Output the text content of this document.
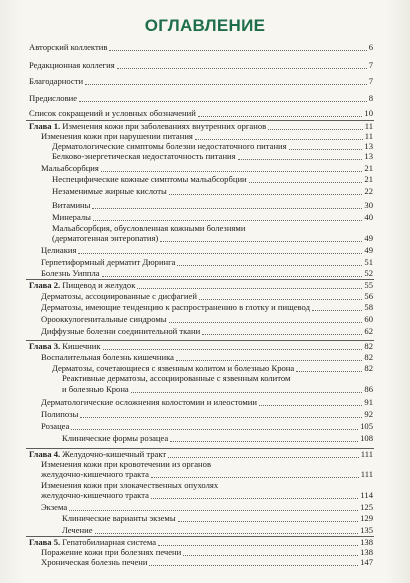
ОГЛАВЛЕНИЕ
Авторский коллектив	6
Редакционная коллегия	7
Благодарности	7
Предисловие	8
Список сокращений и условных обозначений	10
Глава 1. Изменения кожи при заболеваниях внутренних органов	11
Изменения кожи при нарушении питания	11
Дерматологические симптомы болезни недостаточного питания	13
Белково-энергетическая недостаточность питания	13
Мальабсорбция	21
Неспецифические кожные симптомы мальабсорбции	21
Незаменимые жирные кислоты	22
Витамины	30
Минералы	40
Мальабсорбция, обусловленная кожными болезнями
(дерматогенная энтеропатия)	49
Целиакия	49
Герпетиформный дерматит Дюринга	51
Болезнь Уиппла	52
Глава 2. Пищевод и желудок	55
Дерматозы, ассоциированные с дисфагией	56
Дерматозы, имеющие тенденцию к распространению в глотку и пищевод	58
Орооккулогенитальные синдромы	60
Диффузные болезни соединительной ткани	62
Глава 3. Кишечник	82
Воспалительная болезнь кишечника	82
Дерматозы, сочетающиеся с язвенным колитом и болезнью Крона	82
Реактивные дерматозы, ассоциированные с язвенным колитом
и болезнью Крона	86
Дерматологические осложнения колостомии и илеостомии	91
Полипозы	92
Розацеа	105
Клинические формы розацеа	108
Глава 4. Желудочно-кишечный тракт	111
Изменения кожи при кровотечении из органов
желудочно-кишечного тракта	111
Изменения кожи при злокачественных опухолях
желудочно-кишечного тракта	114
Экзема	125
Клинические варианты экземы	129
Лечение	135
Глава 5. Гепатобилиарная система	138
Поражение кожи при болезнях печени	138
Хроническая болезнь печени	147
